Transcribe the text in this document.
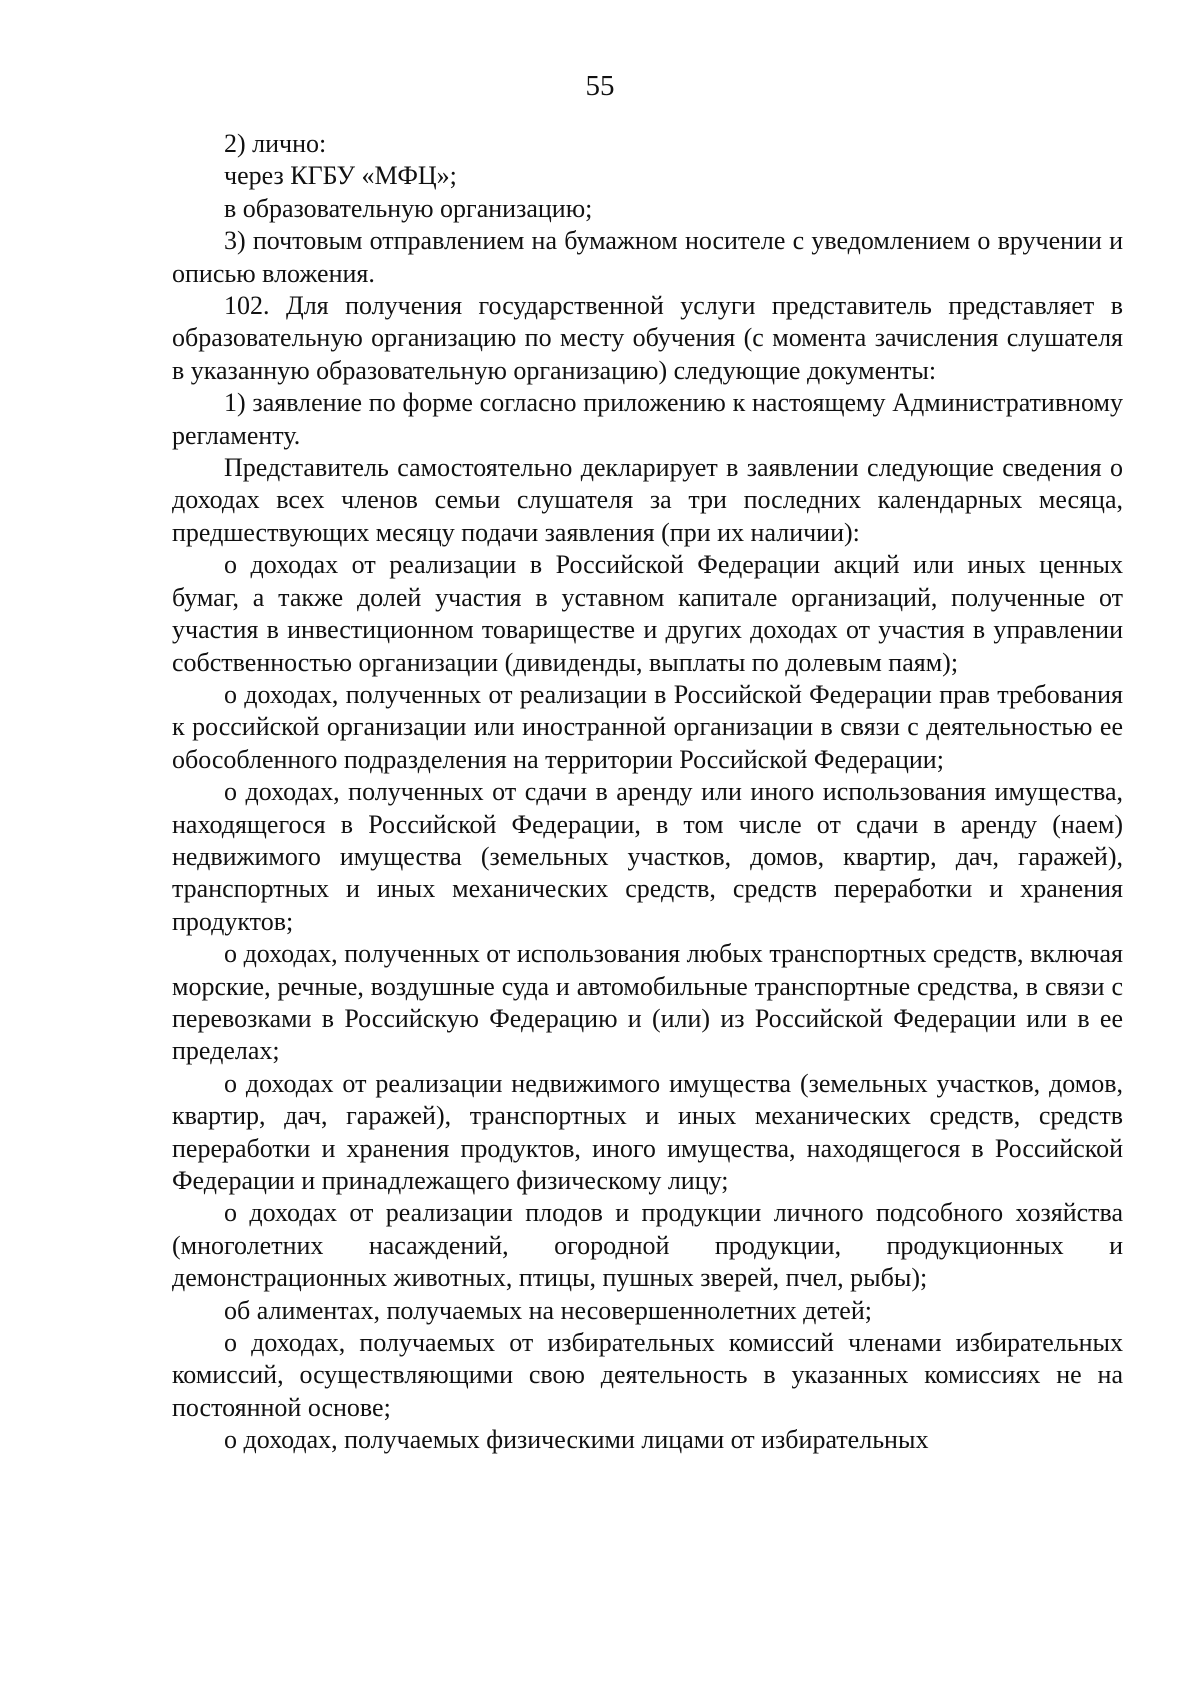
55

2) лично:

через КГБУ «МФЦ»;

в образовательную организацию;

3) почтовым отправлением на бумажном носителе с уведомлением о вручении и описью вложения.

102. Для получения государственной услуги представитель представляет в образовательную организацию по месту обучения (с момента зачисления слушателя в указанную образовательную организацию) следующие документы:

1) заявление по форме согласно приложению к настоящему Административному регламенту.

Представитель самостоятельно декларирует в заявлении следующие сведения о доходах всех членов семьи слушателя за три последних календарных месяца, предшествующих месяцу подачи заявления (при их наличии):

о доходах от реализации в Российской Федерации акций или иных ценных бумаг, а также долей участия в уставном капитале организаций, полученные от участия в инвестиционном товариществе и других доходах от участия в управлении собственностью организации (дивиденды, выплаты по долевым паям);

о доходах, полученных от реализации в Российской Федерации прав требования к российской организации или иностранной организации в связи с деятельностью ее обособленного подразделения на территории Российской Федерации;

о доходах, полученных от сдачи в аренду или иного использования имущества, находящегося в Российской Федерации, в том числе от сдачи в аренду (наем) недвижимого имущества (земельных участков, домов, квартир, дач, гаражей), транспортных и иных механических средств, средств переработки и хранения продуктов;

о доходах, полученных от использования любых транспортных средств, включая морские, речные, воздушные суда и автомобильные транспортные средства, в связи с перевозками в Российскую Федерацию и (или) из Российской Федерации или в ее пределах;

о доходах от реализации недвижимого имущества (земельных участков, домов, квартир, дач, гаражей), транспортных и иных механических средств, средств переработки и хранения продуктов, иного имущества, находящегося в Российской Федерации и принадлежащего физическому лицу;

о доходах от реализации плодов и продукции личного подсобного хозяйства (многолетних насаждений, огородной продукции, продукционных и демонстрационных животных, птицы, пушных зверей, пчел, рыбы);

об алиментах, получаемых на несовершеннолетних детей;

о доходах, получаемых от избирательных комиссий членами избирательных комиссий, осуществляющими свою деятельность в указанных комиссиях не на постоянной основе;

о доходах, получаемых физическими лицами от избирательных
